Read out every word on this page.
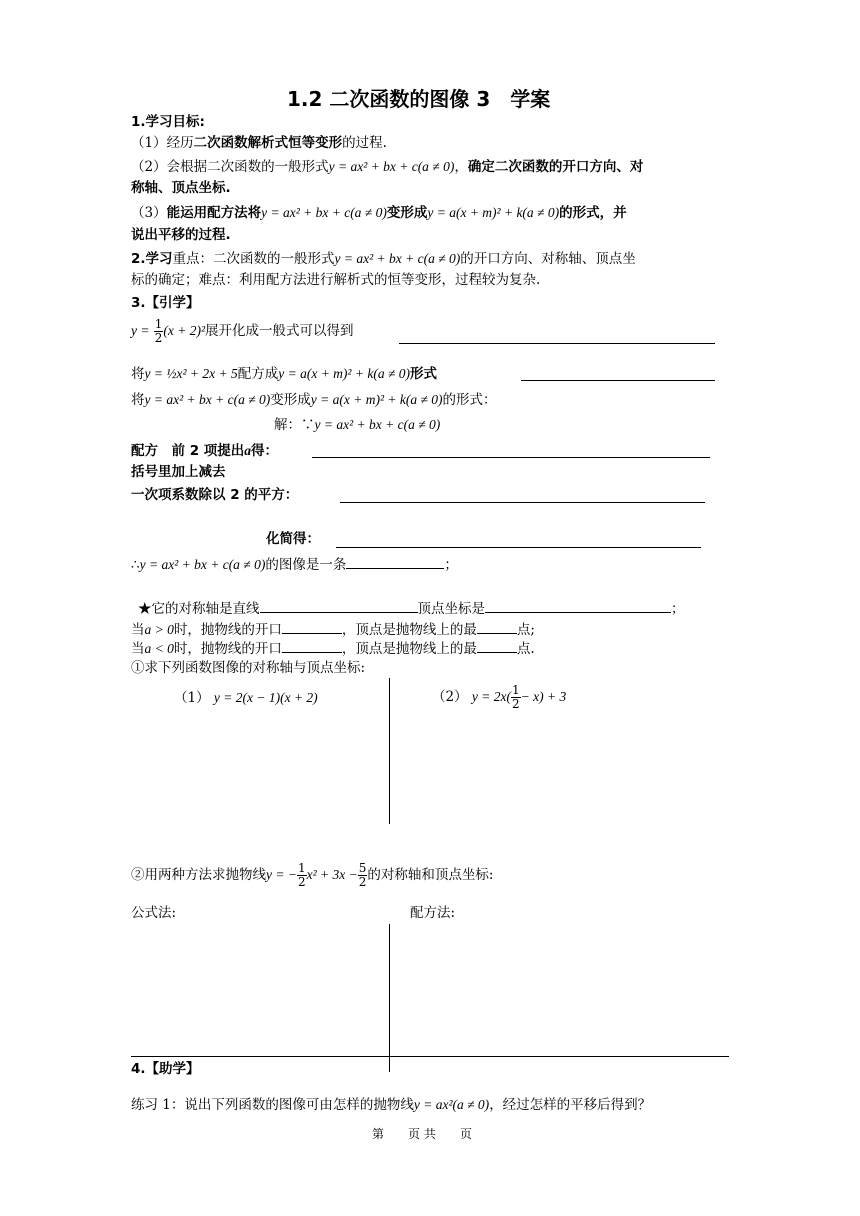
1.2 二次函数的图像 3　学案
1.学习目标:
（1）经历二次函数解析式恒等变形的过程.
（2）会根据二次函数的一般形式y = ax² + bx + c(a ≠ 0)，确定二次函数的开口方向、对
称轴、顶点坐标.
（3）能运用配方法将y = ax² + bx + c(a ≠ 0)变形成y = a(x + m)² + k(a ≠ 0)的形式，并
说出平移的过程.
2.学习重点：二次函数的一般形式y = ax² + bx + c(a ≠ 0)的开口方向、对称轴、顶点坐
标的确定；难点：利用配方法进行解析式的恒等变形，过程较为复杂.
3.【引学】
$y = \frac{1}{2} (x + 2)^2$展开化成一般式可以得到
将y = ½x² + 2x + 5配方成y = a(x + m)² + k(a ≠ 0)形式
将y = ax² + bx + c(a ≠ 0)变形成y = a(x + m)² + k(a ≠ 0)的形式：
解：∵y = ax² + bx + c(a ≠ 0)
配方　前 2 项提出a得：
括号里加上减去
一次项系数除以 2 的平方：
化简得：
∴y = ax² + bx + c(a ≠ 0)的图像是一条	；
★它的对称轴是直线	顶点坐标是	；
当a > 0时，抛物线的开口	，顶点是抛物线上的最	点;
当a < 0时，抛物线的开口	，顶点是抛物线上的最	点.
①求下列函数图像的对称轴与顶点坐标:
（1） y = 2(x − 1)(x + 2)	（2） $y = 2x( \frac{1}{2} - x) + 3$
②用两种方法求抛物线y = − $\frac{1}{2} x^2 + 3x - \frac{5}{2}$ 的对称轴和顶点坐标:
公式法:	配方法:
4.【助学】
练习 1：说出下列函数的图像可由怎样的抛物线y = ax²(a ≠ 0)，经过怎样的平移后得到？
第　　页 共　　页
